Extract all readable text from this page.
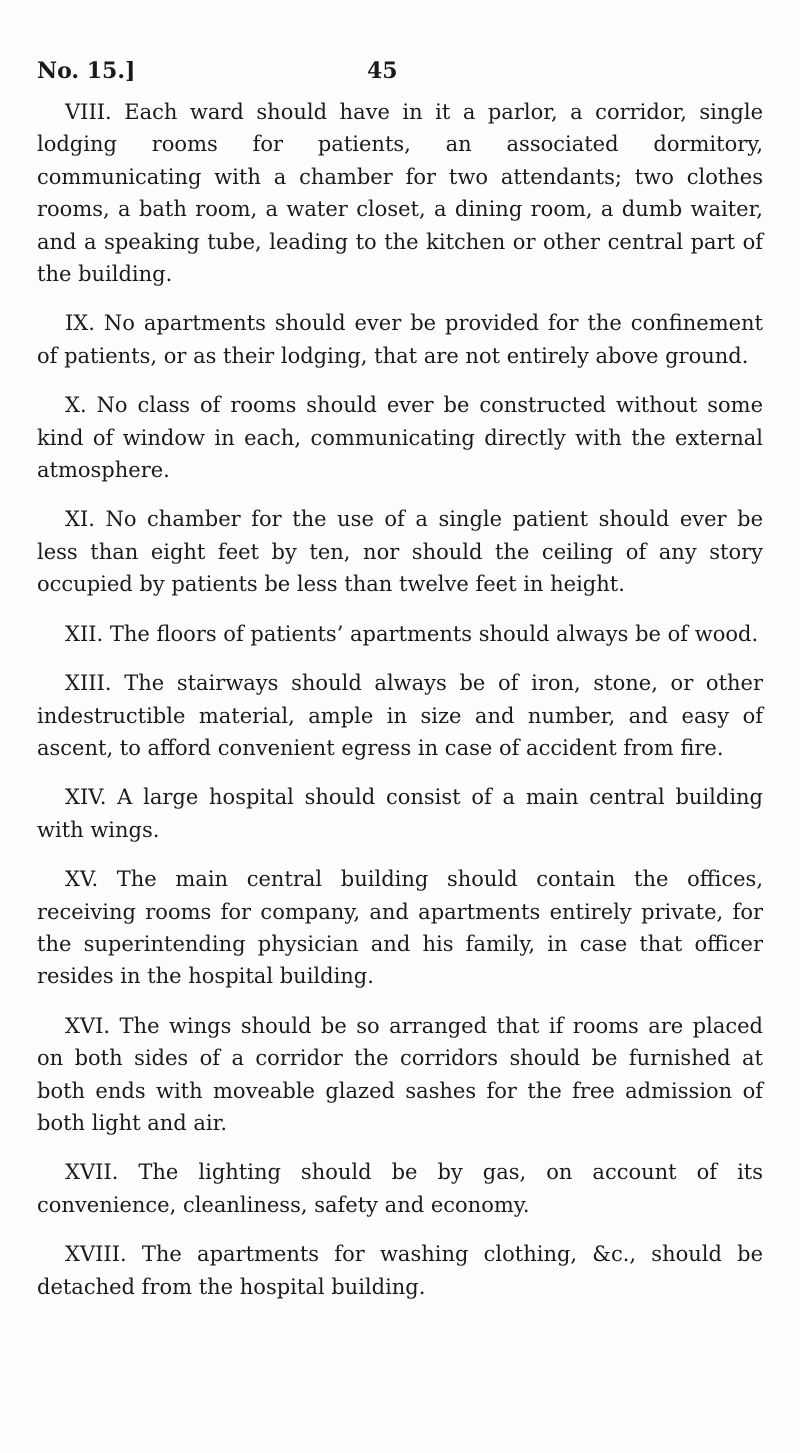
No. 15.]	45

VIII. Each ward should have in it a parlor, a corridor, single lodging rooms for patients, an associated dormitory, communicating with a chamber for two attendants; two clothes rooms, a bath room, a water closet, a dining room, a dumb waiter, and a speaking tube, leading to the kitchen or other central part of the building.

IX. No apartments should ever be provided for the confinement of patients, or as their lodging, that are not entirely above ground.

X. No class of rooms should ever be constructed without some kind of window in each, communicating directly with the external atmosphere.

XI. No chamber for the use of a single patient should ever be less than eight feet by ten, nor should the ceiling of any story occupied by patients be less than twelve feet in height.

XII. The floors of patients’ apartments should always be of wood.

XIII. The stairways should always be of iron, stone, or other indestructible material, ample in size and number, and easy of ascent, to afford convenient egress in case of accident from fire.

XIV. A large hospital should consist of a main central building with wings.

XV. The main central building should contain the offices, receiving rooms for company, and apartments entirely private, for the superintending physician and his family, in case that officer resides in the hospital building.

XVI. The wings should be so arranged that if rooms are placed on both sides of a corridor the corridors should be furnished at both ends with moveable glazed sashes for the free admission of both light and air.

XVII. The lighting should be by gas, on account of its convenience, cleanliness, safety and economy.

XVIII. The apartments for washing clothing, &c., should be detached from the hospital building.
